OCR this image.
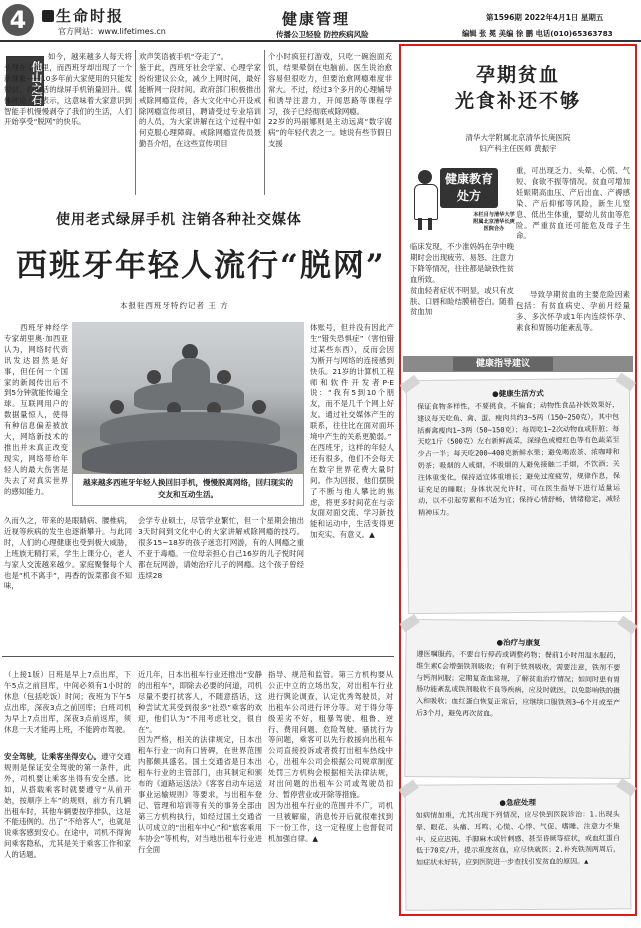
4	生命时报
官方网站：www.lifetimes.cn
健康管理
传播公卫轻验 防控疾病风险
第1596期 2022年4月1日 星期五
编辑 张 冕 美编 徐 鹏 电话(010)65363783
他山之石
如今，越来越多人每天将头埋在手机里，而西班牙却出现了一个新现象——10多年前大家使用的只能发短信、打电话的绿屏手机销量回升。媒体评论人员表示，这意味着大家意识到智能手机慢慢剥夺了我们的生活，人们开始享受“脱网”的快乐。
欢声笑语被手机“夺走了”。
鉴于此，西班牙社会学家、心理学家纷纷建议公众，减少上网时间，最好能断网一段时间。政府部门积极推出戒除网瘾宣传，各大文化中心开设戒除网瘾宣传项目，聘请受过专业培训的人员，为大家讲解在这个过程中如何克服心理障碍。戒除网瘾宣传员聂勤吾介绍，在这些宣传项目
个小时疯狂打游戏，只吃一碗泡面充饥，结果晕倒在电脑前。医生说治愈容易但很吃力，但要治愈网瘾难度非常大。不过，经过3个多月的心理辅导和诱导注意力，开闻思路等课程学习，孩子已经彻底戒除网瘾。
22岁的玛丽娜则是主动远离“数字腐病”的年轻代表之一。她说有些节假日支援
使用老式绿屏手机 注销各种社交媒体
西班牙年轻人流行“脱网”
本报驻西班牙特约记者 王 方
西班牙神经学专家胡里奥·加西亚认为，网络时代资讯发达固然是好事，但任何一个国家的新闻传出后不到5分钟就能传遍全球。互联网用户的数据量惊人，使得有种信息偏差被放大，网络新技术的推出并未真正改变现实，网络带给年轻人的最大伤害是失去了对真实世界的感知能力。
越来越多西班牙年轻人换回旧手机，慢慢脱离网络，回归现实的交友和互动生活。
体账号，但并没有因此产生“错失恐惧症”（害怕错过某些东西），反而会因为断开与网络的连接感到快乐。21岁的计算机工程师和软件开发者P·E说：“我有5到10个朋友，而不是几千个网上好友。通过社交媒体产生的联系，往往比在面对面环境中产生的关系更脆弱。”
在西班牙，这样的年轻人还有很多，他们不会每天在数字世界花费大量时间。作为回报，他们摆脱了不断与他人攀比的焦虑，将更多时间花在与亲友面对面交流、学习新技能和运动中，生活变得更加充实、有意义。▲
久而久之，带来的是眼睛病、腰椎病，近视等疾病的发生也逐渐攀升。与此同时，人们的心理健康也受到极大威胁，上班族无精打采，学生上课分心，老人与家人交流越来越少。家庭聚餐每个人也是“机不离手”，再香的饭菜都食不知味，
会学专业硕士，尽管学业繁忙，但一个星期会抽出3天时间到文化中心的大家讲解戒除网瘾的技巧。很多15~18岁的孩子迷恋打网游，有的人网瘾之重不亚于毒瘾。一位母亲担心自己16岁的儿子悦时间都在玩网游，请她治疗儿子的网瘾。这个孩子曾经连续28
（上接1版）日班是早上7点出库，下午5点之前回库，中间必须有1小时的休息（包括吃饭）时间；夜班为下午5点出库，深夜3点之前回库；白班司机为早上7点出库，深夜3点前返库，须休息一天才能再上班，不能跨市驾驶。
安全驾驶，让乘客坐得安心。遵守交通规则是保证安全驾驶的第一条件，此外，司机要让乘客坐得有安全感。比如，从搭载乘客时就要遵守“从前开始，按顺序上车”的规则，前方有几辆出租车时，其他车辆要按序排队，这是不能违例的。出了“不给客人”，也就是说乘客感到安心。在途中，司机不得询问乘客隐私，尤其是关于乘客工作和家人的话题。
近几年，日本出租车行业还推出“安静的出租车”，即除去必要的问道，司机尽量不要打扰客人，不随意搭话，这种尝试尤其受到很多“社恐”乘客的欢迎，他们认为“不用考虑社交，很自在”。
因为严格，相关的法律规定，日本出租车行业一向有口皆碑，在世界范围内都颇具盛名。国土交通省是日本出租车行业的主管部门，由其制定和颁布的《道路运送法》《客客自动车运送事业运输规则》等要求，与出租车登记、管理和培训等有关的事务全部由第三方机构执行，如经过国土交通省认可成立的“出租车中心”和“旅客乘用车协会”等机构，对当地出租车行业进行全面
指导、规范和监管。第三方机构要从公正中立的立场出发，对出租车行业进行舆论调查，认定优秀驾驶员，对出租车公司进行评分等。对于得分等级差劣不好，粗暴驾驶、粗鲁、逆行、费用问题、危险驾驶、骚扰行为等问题，乘客可以先行救援向出租车公司直接投诉或者拨打出租车热线中心，出租车公司会根据公司规章制度处罚三方机构会根据相关法律法规，对出问题的出租车公司或驾驶员扣分、暂停营业或开除等措施。
因为出租车行业的范围并不广，司机一旦被解雇，消息传开后就很难找到下一份工作，这一定程度上也督促司机加强自律。▲
孕期贫血
光食补还不够
清华大学附属北京清华长庚医院
妇产科主任医师 黄振宇
健康教育处方
本栏目与清华大学附属北京清华长庚医院合办
重，可出现乏力、头晕、心慌、气短、食欲不振等情况。贫血可增加妊娠期高血压、产后出血、产褥感染、产后抑郁等风险，新生儿窒息、低出生体重，婴幼儿贫血等危险。严重贫血还可能危及母子生命。
临床发现，不少准妈妈在孕中晚期时会出现疲劳、易怒、注意力下降等情况，往往都是缺铁性贫血所致。
贫血轻者症状不明显，或只有皮肤、口唇和睑结膜稍苍白。随着贫血加
导致孕期贫血的主要危险因素包括：有贫血病史、孕前月经量多、多次怀孕或1年内连续怀孕、素食和胃肠功能紊乱等。
健康指导建议
●健康生活方式
保证食物多样性，不要挑食，不偏食；动物性食品补铁效果好，建议每天吃鱼、禽、蛋、瘦肉共约3~5两（150~250克），其中包括畜禽瘦肉1~3两（50~150克）；每周吃1~2次动物血或肝脏；每天吃1斤（500克）左右新鲜蔬菜，深绿色或橙红色等有色蔬菜至少占一半；每天吃200~400克新鲜水果；避免喝浓茶、浓咖啡和奶茶；吸烟的人戒烟，不吸烟的人避免接触二手烟，不饮酒；关注体重变化，保持适宜体重增长；避免过度疲劳，规律作息，保证充足的睡眠；身体状况允许时，可在医生指导下进行适量运动，以不引起劳累和不适为宜；保持心情舒畅，情绪稳定，减轻精神压力。
●治疗与康复
遵医嘱服药，不要自行停药或调整药物；餐前1小时用温水服药，维生素C会增强铁剂吸收；有利于铁剂吸收，需要注意，铁剂不要与钙剂同服；定期复查血常规，了解贫血治疗情况；如同时患有胃肠功能紊乱或铁剂吸收不良等疾病，应及时就医，以免影响铁的摄入和吸收；血红蛋白恢复正常后，应继续口服铁剂3~6个月或至产后3个月，避免再次贫血。
●急症处理
如病情加重，尤其出现下列情况，应尽快到医院诊治：1.出现头晕、眼花、头痛、耳鸣、心慌、心悸、气促、嗜睡、注意力不集中、反应迟钝、手脚麻木或针刺感、甚至昏厥等症状，或血红蛋白低于70克/升，提示重度贫血，应尽快就医；2.补充铁剂两周后，如症状未好转，应到医院进一步查找引发贫血的原因。▲
